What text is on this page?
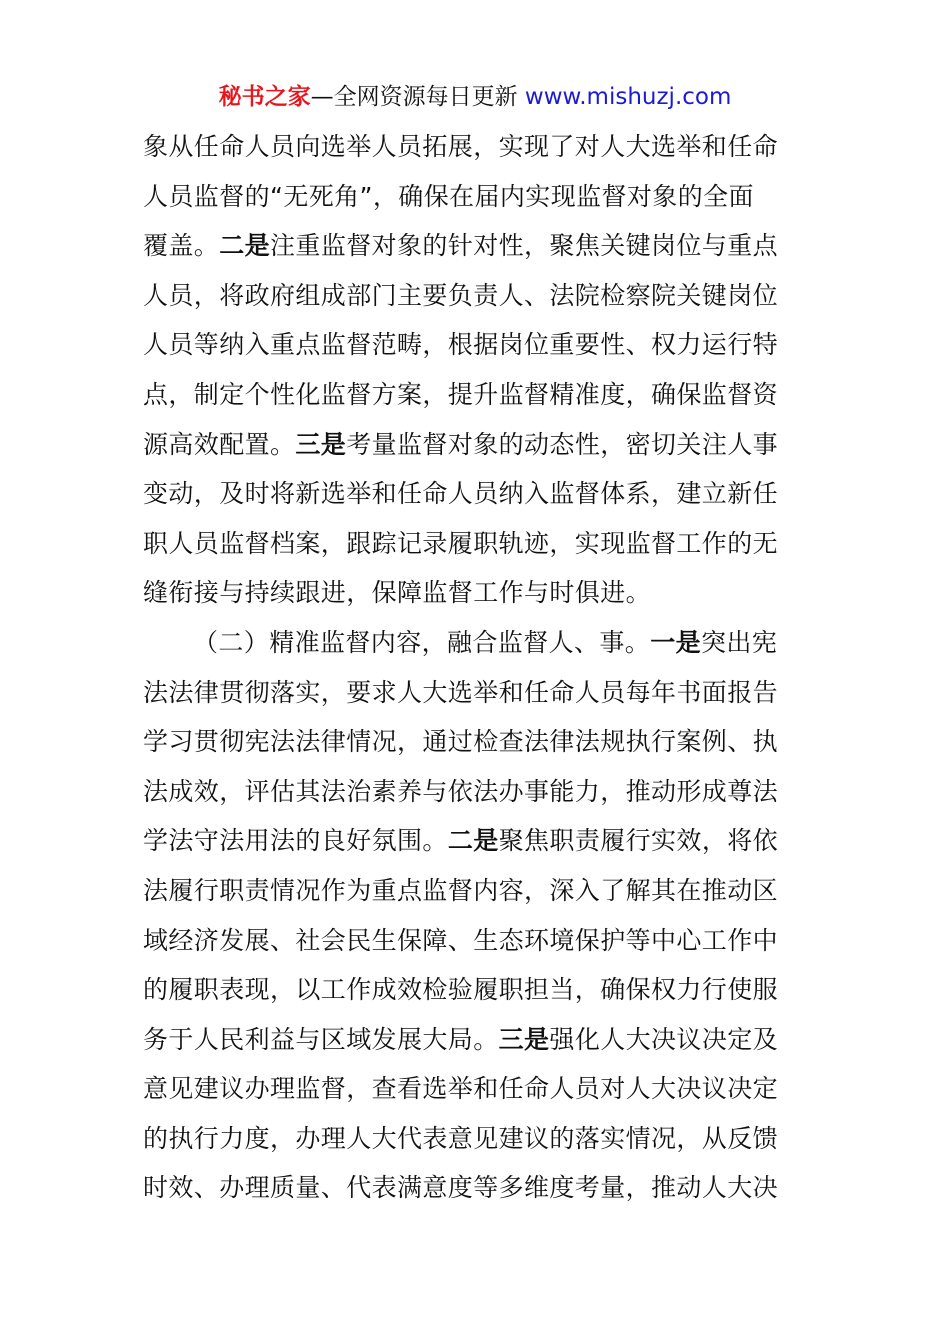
秘书之家—全网资源每日更新 www.mishuzj.com
象从任命人员向选举人员拓展，实现了对人大选举和任命
人员监督的“无死角”，确保在届内实现监督对象的全面
覆盖。二是注重监督对象的针对性，聚焦关键岗位与重点
人员，将政府组成部门主要负责人、法院检察院关键岗位
人员等纳入重点监督范畴，根据岗位重要性、权力运行特
点，制定个性化监督方案，提升监督精准度，确保监督资
源高效配置。三是考量监督对象的动态性，密切关注人事
变动，及时将新选举和任命人员纳入监督体系，建立新任
职人员监督档案，跟踪记录履职轨迹，实现监督工作的无
缝衔接与持续跟进，保障监督工作与时俱进。
（二）精准监督内容，融合监督人、事。一是突出宪
法法律贯彻落实，要求人大选举和任命人员每年书面报告
学习贯彻宪法法律情况，通过检查法律法规执行案例、执
法成效，评估其法治素养与依法办事能力，推动形成尊法
学法守法用法的良好氛围。二是聚焦职责履行实效，将依
法履行职责情况作为重点监督内容，深入了解其在推动区
域经济发展、社会民生保障、生态环境保护等中心工作中
的履职表现，以工作成效检验履职担当，确保权力行使服
务于人民利益与区域发展大局。三是强化人大决议决定及
意见建议办理监督，查看选举和任命人员对人大决议决定
的执行力度，办理人大代表意见建议的落实情况，从反馈
时效、办理质量、代表满意度等多维度考量，推动人大决
